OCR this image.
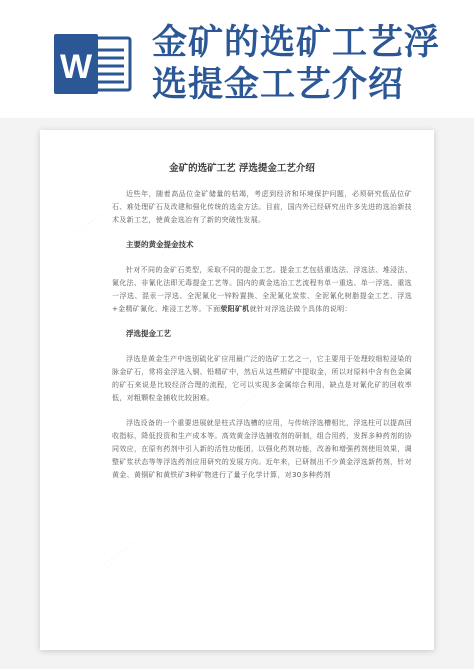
W
金矿的选矿工艺浮
选提金工艺介绍
· · · · · · · · ·
· · · · · · · · ·
· · · · · · · · ·
金矿的选矿工艺 浮选提金工艺介绍

近些年，随着高品位金矿储量的枯竭，考虑到经济和环境保护问题，必须研究低品位矿石、难处理矿石及改建和强化传统的选金方法。目前，国内外已经研究出许多先进的选冶新技术及新工艺，使黄金选冶有了新的突破性发展。

主要的黄金提金技术

针对不同的金矿石类型，采取不同的提金工艺。提金工艺包括重选法、浮选法、堆浸法、氰化法、非氰化法即无毒提金工艺等。国内的黄金选冶工艺流程有单一重选、单一浮选、重选一浮选、混汞一浮选、全泥氰化一锌粉置换、全泥氰化炭浆、全泥氰化树脂提金工艺、浮选+金精矿氰化、堆浸工艺等。下面荥阳矿机就针对浮选法做个具体的说明：

浮选提金工艺

浮选是黄金生产中选别硫化矿应用最广泛的选矿工艺之一，它主要用于处理较细粒浸染的脉金矿石，常将金浮选入铜、铅精矿中，然后从这些精矿中提取金，所以对原料中含有色金属的矿石来说是比较经济合理的流程，它可以实现多金属综合利用，缺点是对氰化矿的回收率低，对粗颗粒金捕收比较困难。

浮选设备的一个重要进展就是柱式浮选槽的应用，与传统浮选槽相比，浮选柱可以提高回收指标，降低投资和生产成本等。高效黄金浮选捕收剂的研制，组合用药，发挥多种药剂的协同效应，在原有药剂中引入新的活性功能团，以强化药剂功能，改善和增强药剂使用效果，调整矿浆状态等等浮选药剂应用研究的发展方向。近年来，已研制出不少黄金浮选新药剂，针对黄金、黄铜矿和黄铁矿3种矿物进行了量子化学计算，对30多种药剂
